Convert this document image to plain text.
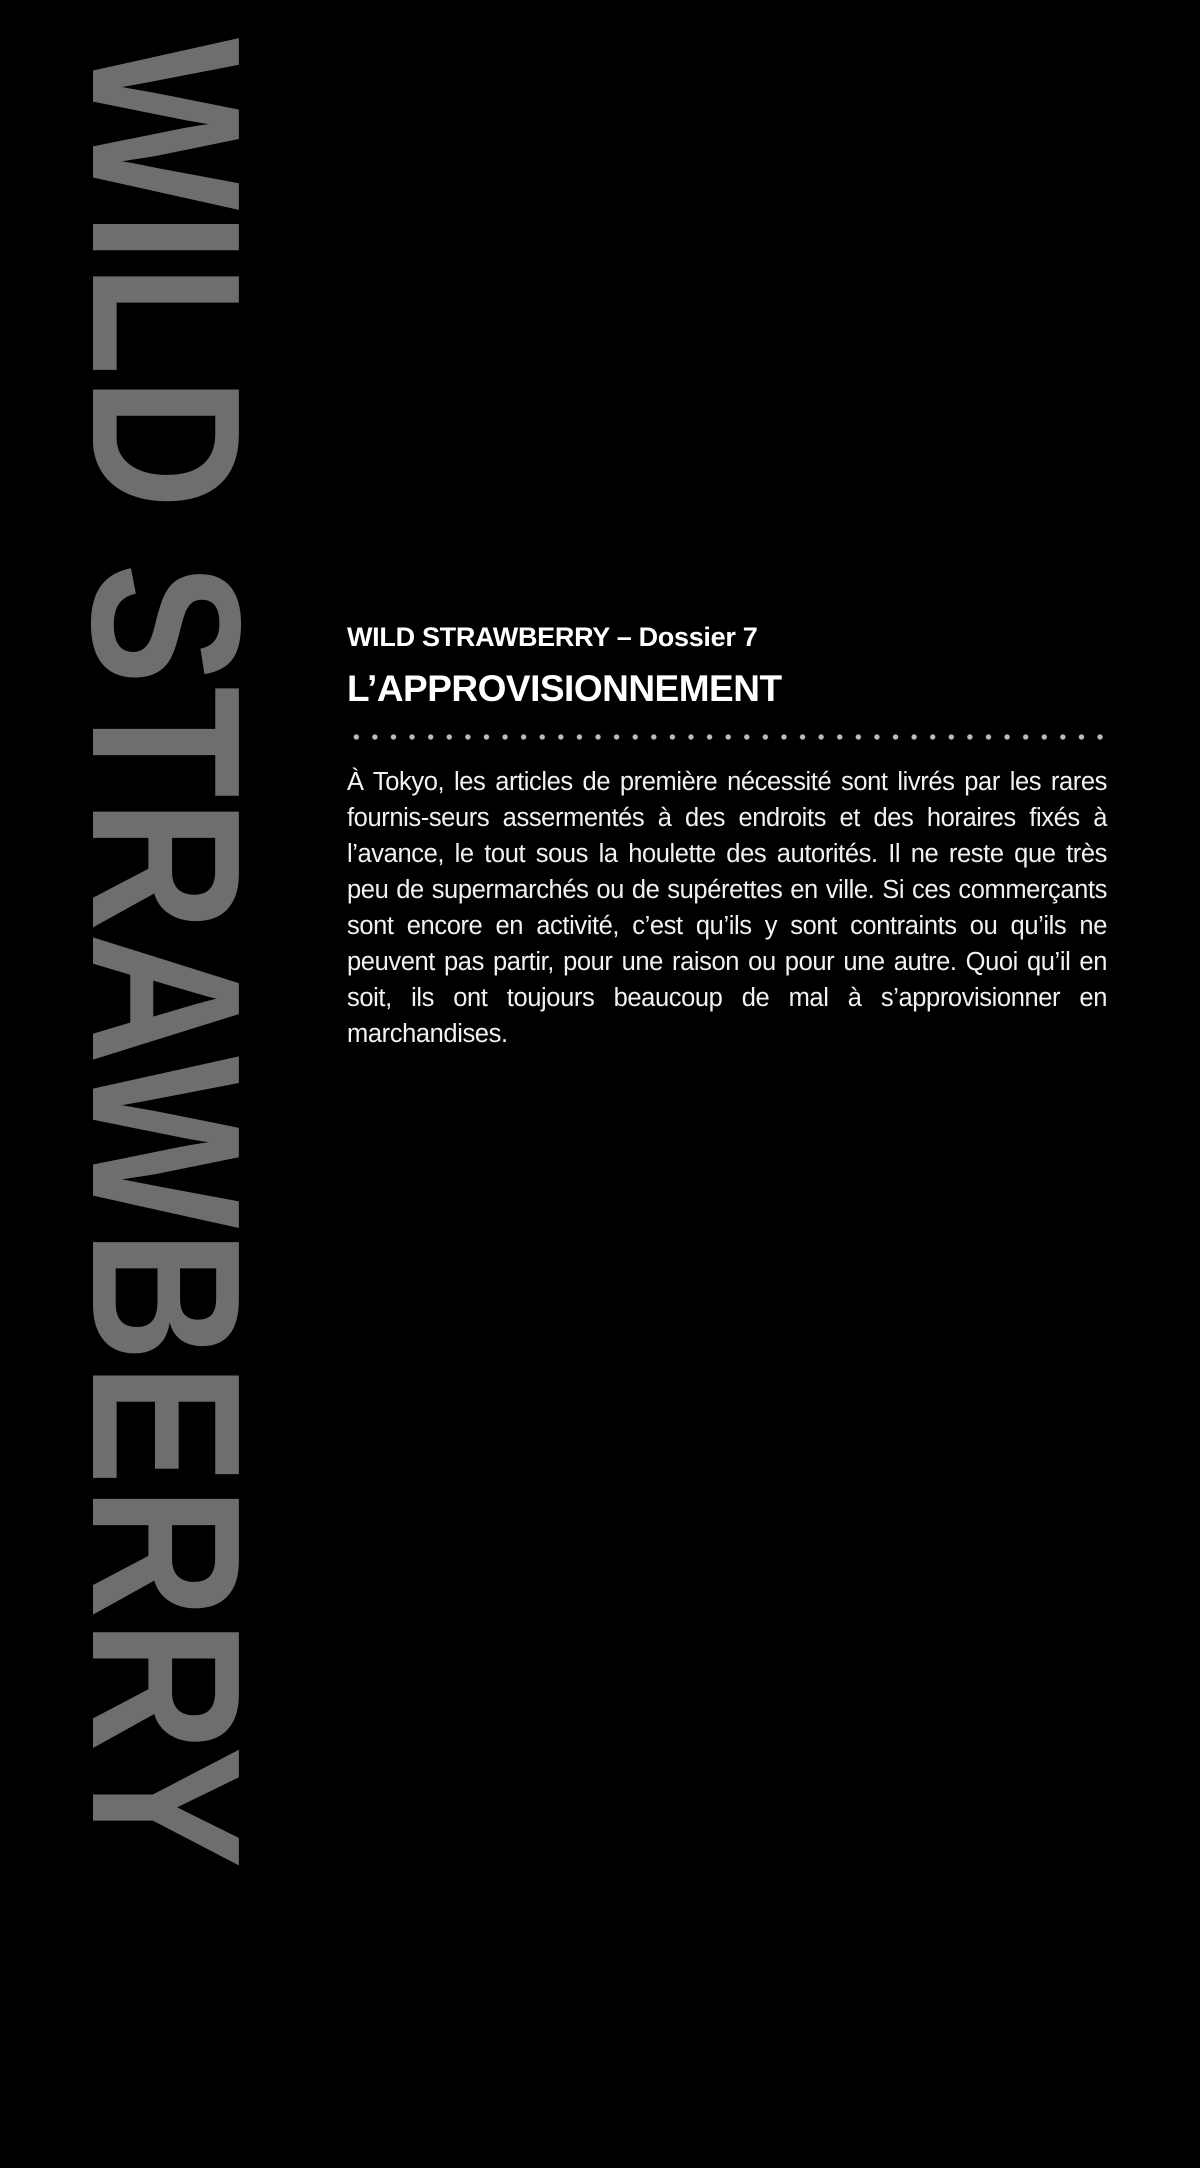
WILD STRAWBERRY WILD STRAWBERRY – Dossier 7

L’APPROVISIONNEMENT

À Tokyo, les articles de première nécessité sont livrés par les rares fournis-seurs assermentés à des endroits et des horaires fixés à l’avance, le tout sous la houlette des autorités. Il ne reste que très peu de supermarchés ou de supérettes en ville. Si ces commerçants sont encore en activité, c’est qu’ils y sont contraints ou qu’ils ne peuvent pas partir, pour une raison ou pour une autre. Quoi qu’il en soit, ils ont toujours beaucoup de mal à s’approvisionner en marchandises.
